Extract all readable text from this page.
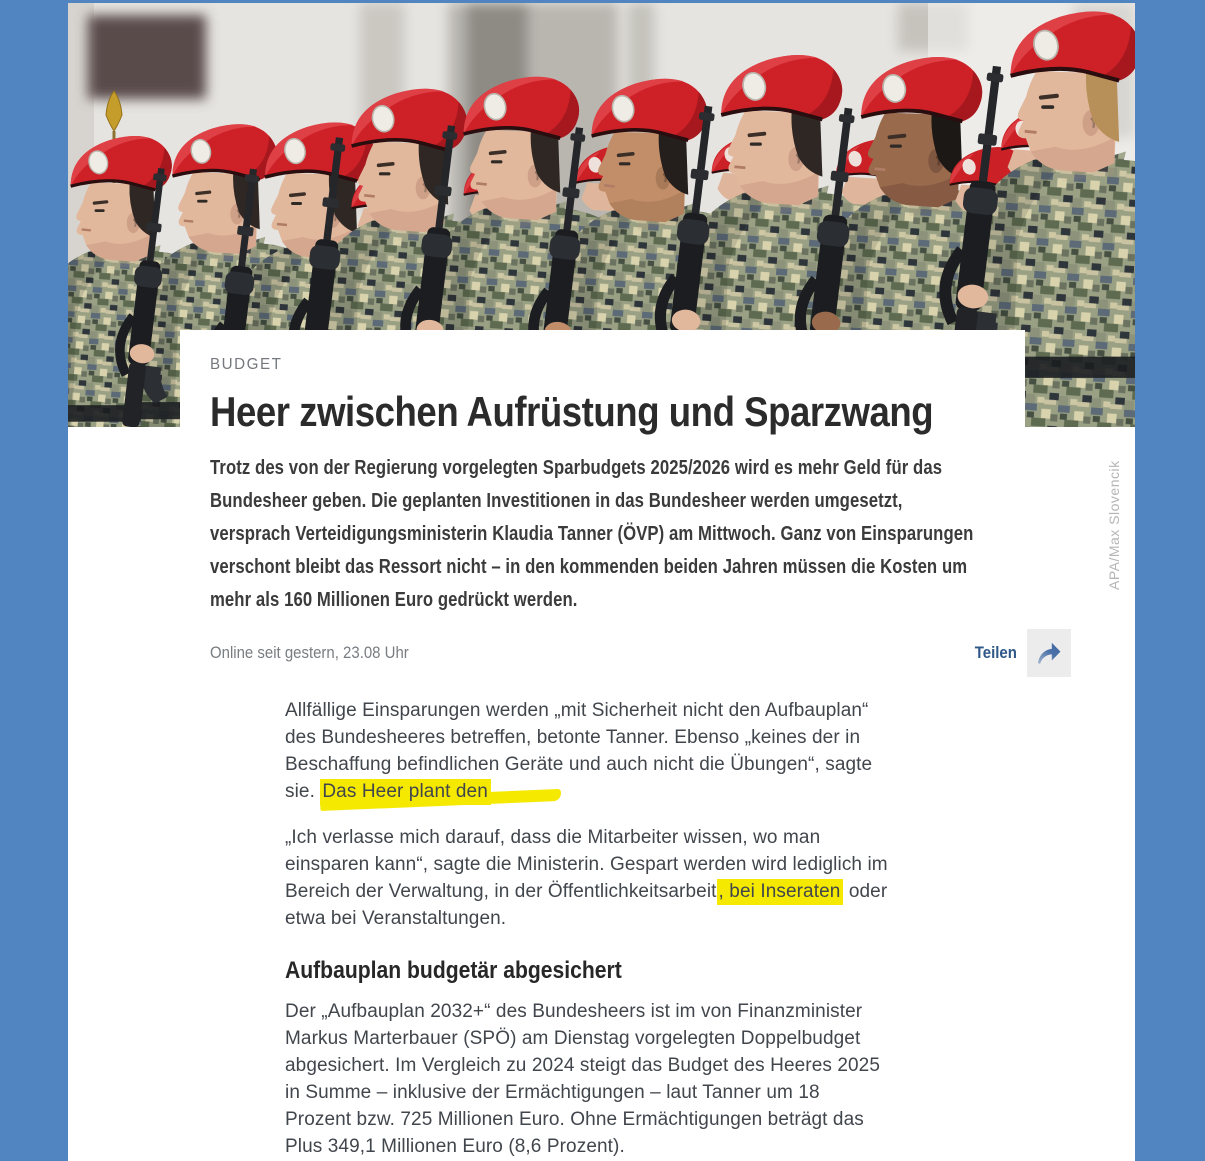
APA/Max Slovencik
BUDGET
Heer zwischen Aufrüstung und Sparzwang

Trotz des von der Regierung vorgelegten Sparbudgets 2025/2026 wird es mehr Geld für das Bundesheer geben. Die geplanten Investitionen in das Bundesheer werden umgesetzt, versprach Verteidigungsministerin Klaudia Tanner (ÖVP) am Mittwoch. Ganz von Einsparungen verschont bleibt das Ressort nicht – in den kommenden beiden Jahren müssen die Kosten um mehr als 160 Millionen Euro gedrückt werden.

Online seit gestern, 23.08 Uhr	Teilen

Allfällige Einsparungen werden „mit Sicherheit nicht den Aufbauplan“ des Bundesheeres betreffen, betonte Tanner. Ebenso „keines der in Beschaffung befindlichen Geräte und auch nicht die Übungen“, sagte sie. Das Heer plant den

„Ich verlasse mich darauf, dass die Mitarbeiter wissen, wo man einsparen kann“, sagte die Ministerin. Gespart werden wird lediglich im Bereich der Verwaltung, in der Öffentlichkeitsarbeit , bei Inseraten oder etwa bei Veranstaltungen.

Aufbauplan budgetär abgesichert

Der „Aufbauplan 2032+“ des Bundesheers ist im von Finanzminister Markus Marterbauer (SPÖ) am Dienstag vorgelegten Doppelbudget abgesichert. Im Vergleich zu 2024 steigt das Budget des Heeres 2025 in Summe – inklusive der Ermächtigungen – laut Tanner um 18 Prozent bzw. 725 Millionen Euro. Ohne Ermächtigungen beträgt das Plus 349,1 Millionen Euro (8,6 Prozent).
